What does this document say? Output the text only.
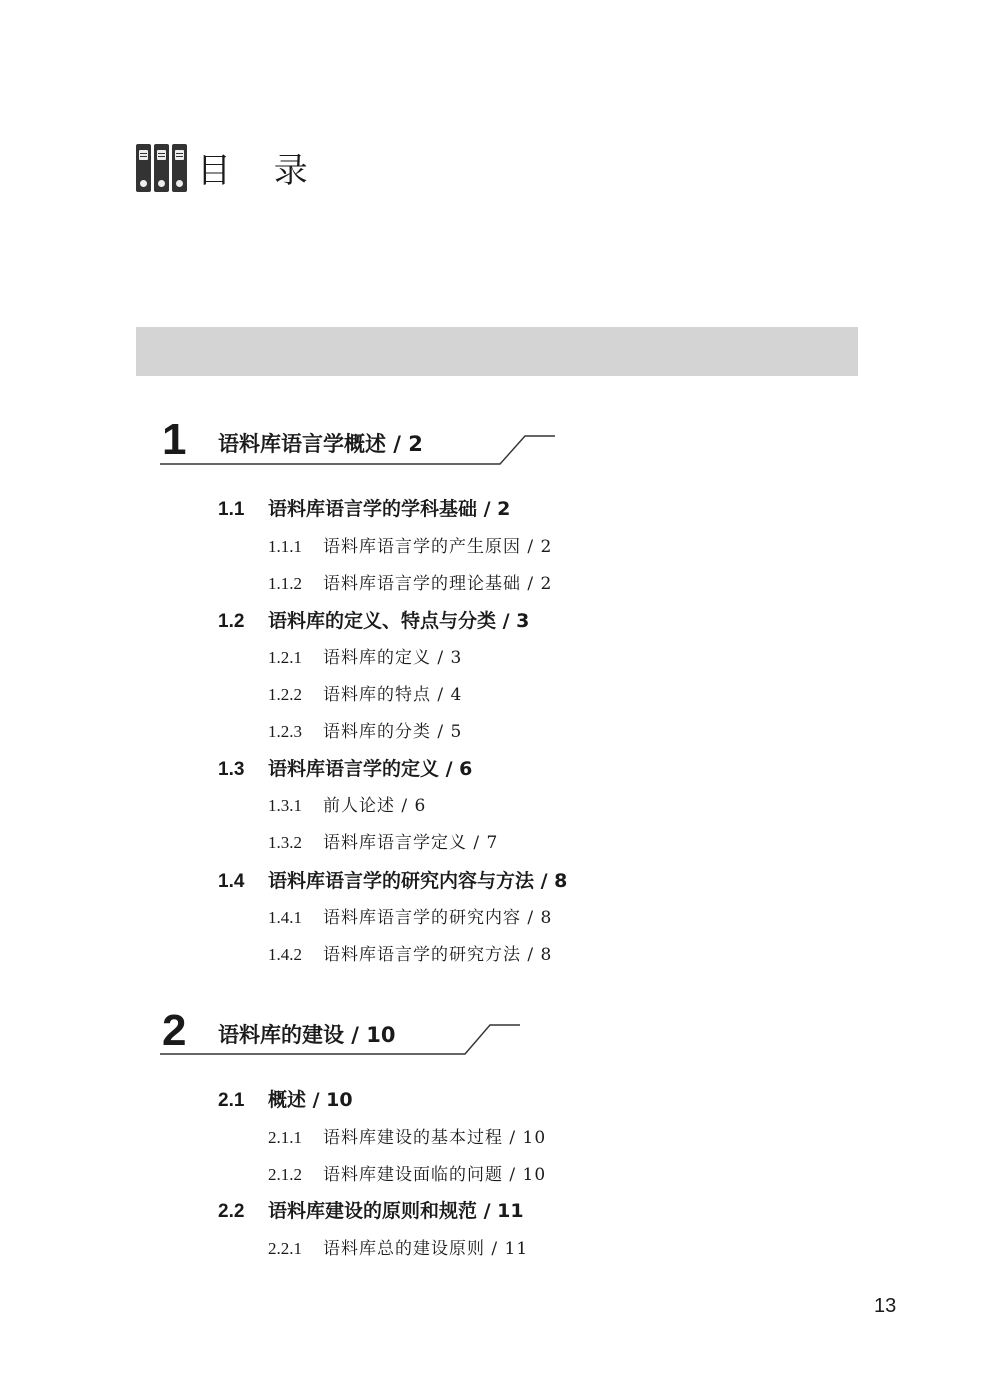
目 录
1 语料库语言学概述 / 2
1.1 语料库语言学的学科基础 / 2
1.1.1 语料库语言学的产生原因 / 2
1.1.2 语料库语言学的理论基础 / 2
1.2 语料库的定义、特点与分类 / 3
1.2.1 语料库的定义 / 3
1.2.2 语料库的特点 / 4
1.2.3 语料库的分类 / 5
1.3 语料库语言学的定义 / 6
1.3.1 前人论述 / 6
1.3.2 语料库语言学定义 / 7
1.4 语料库语言学的研究内容与方法 / 8
1.4.1 语料库语言学的研究内容 / 8
1.4.2 语料库语言学的研究方法 / 8
2 语料库的建设 / 10
2.1 概述 / 10
2.1.1 语料库建设的基本过程 / 10
2.1.2 语料库建设面临的问题 / 10
2.2 语料库建设的原则和规范 / 11
2.2.1 语料库总的建设原则 / 11
13
